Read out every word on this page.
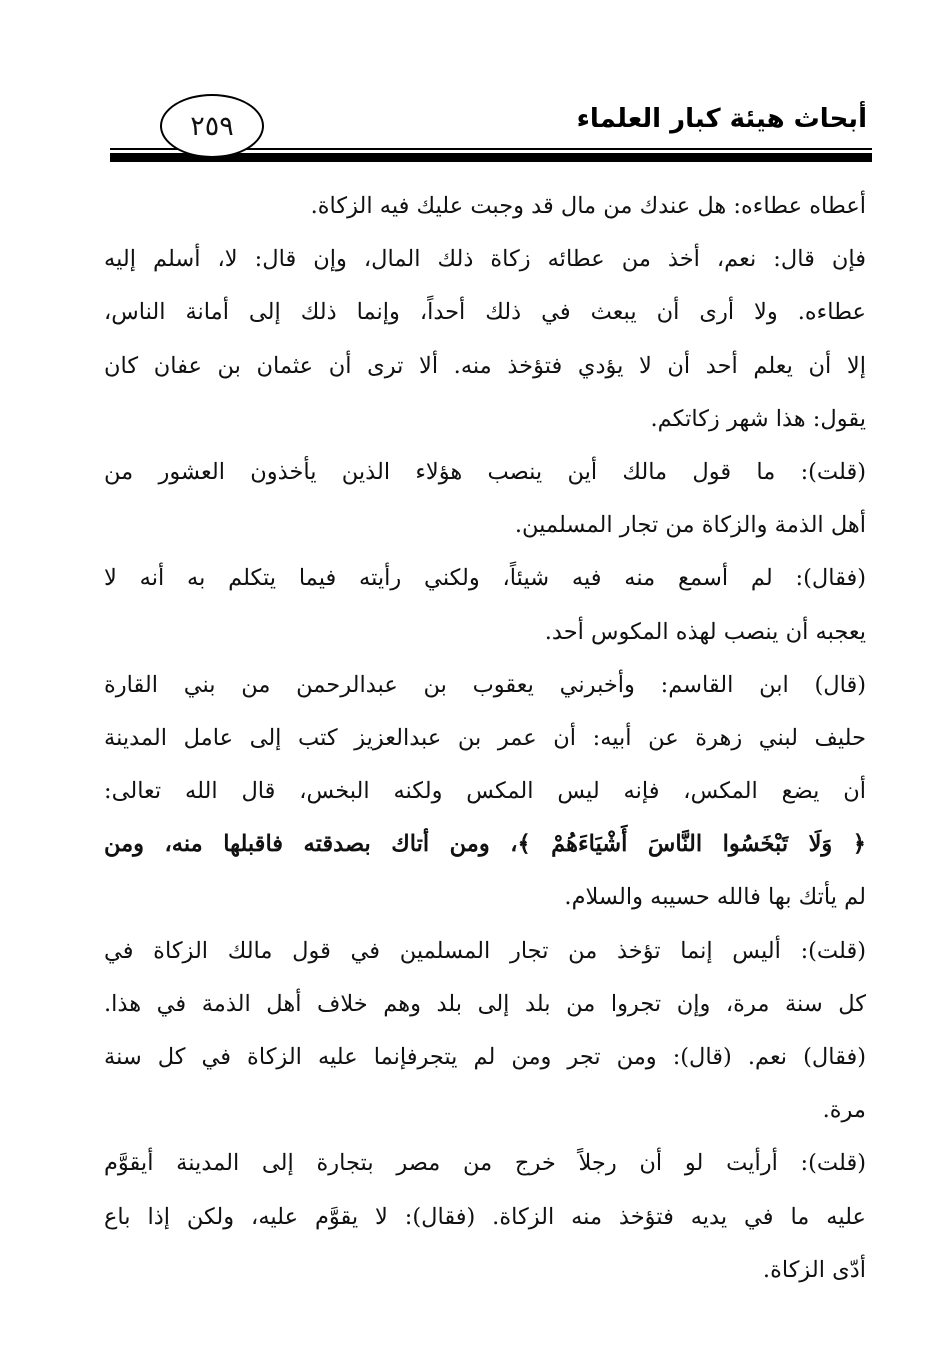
أبحاث هيئة كبار العلماء
٢٥٩
أعطاه عطاءه: هل عندك من مال قد وجبت عليك فيه الزكاة.
فإن قال: نعم، أخذ من عطائه زكاة ذلك المال، وإن قال: لا، أسلم إليه
عطاءه. ولا أرى أن يبعث في ذلك أحداً، وإنما ذلك إلى أمانة الناس،
إلا أن يعلم أحد أن لا يؤدي فتؤخذ منه. ألا ترى أن عثمان بن عفان كان
يقول: هذا شهر زكاتكم.
(قلت): ما قول مالك أين ينصب هؤلاء الذين يأخذون العشور من
أهل الذمة والزكاة من تجار المسلمين.
(فقال): لم أسمع منه فيه شيئاً، ولكني رأيته فيما يتكلم به أنه لا
يعجبه أن ينصب لهذه المكوس أحد.
(قال) ابن القاسم: وأخبرني يعقوب بن عبدالرحمن من بني القارة
حليف لبني زهرة عن أبيه: أن عمر بن عبدالعزيز كتب إلى عامل المدينة
أن يضع المكس، فإنه ليس المكس ولكنه البخس، قال الله تعالى:
﴿ وَلَا تَبْخَسُوا النَّاسَ أَشْيَاءَهُمْ ﴾، ومن أتاك بصدقته فاقبلها منه، ومن
لم يأتك بها فالله حسيبه والسلام.
(قلت): أليس إنما تؤخذ من تجار المسلمين في قول مالك الزكاة في
كل سنة مرة، وإن تجروا من بلد إلى بلد وهم خلاف أهل الذمة في هذا.
(فقال) نعم. (قال): ومن تجر ومن لم يتجرفإنما عليه الزكاة في كل سنة
مرة.
(قلت): أرأيت لو أن رجلاً خرج من مصر بتجارة إلى المدينة أيقوَّم
عليه ما في يديه فتؤخذ منه الزكاة. (فقال): لا يقوَّم عليه، ولكن إذا باع
أدّى الزكاة.
